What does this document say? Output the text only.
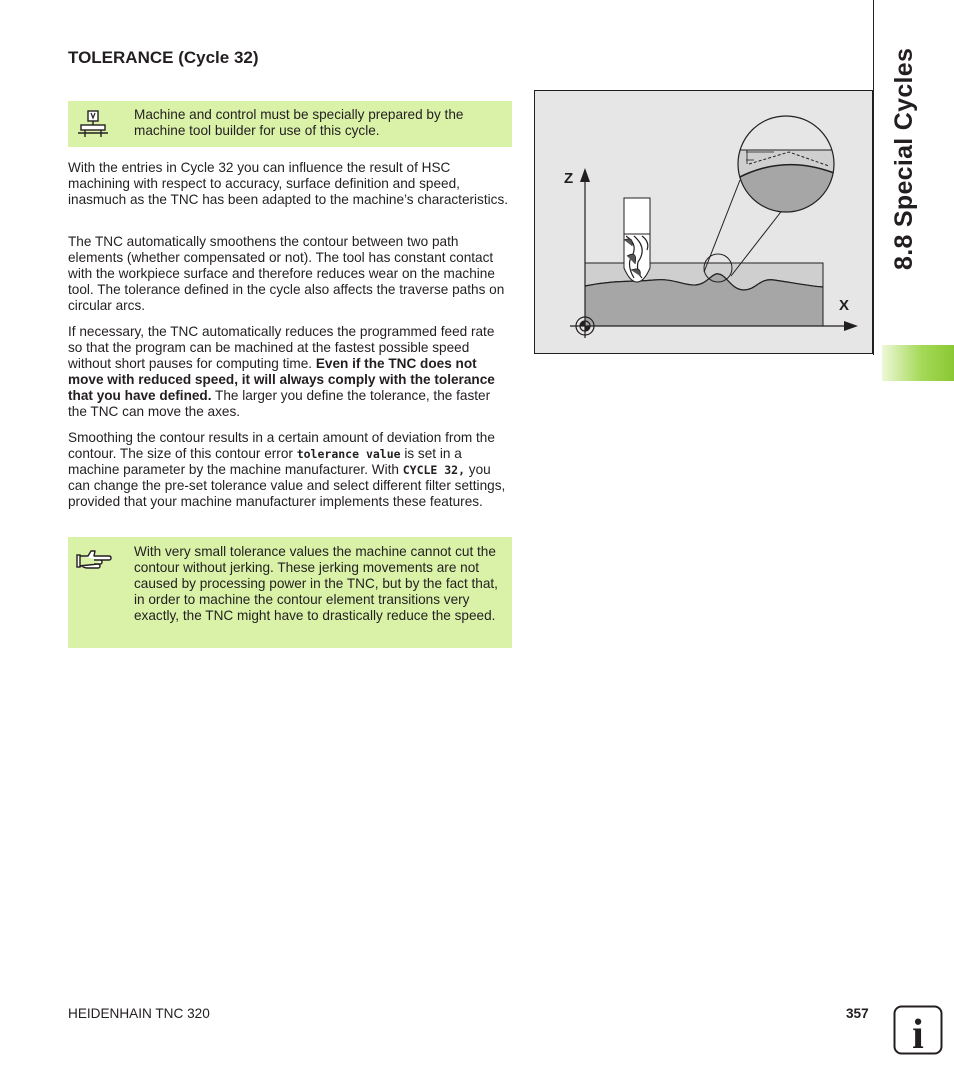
TOLERANCE (Cycle 32)
Machine and control must be specially prepared by the machine tool builder for use of this cycle.
With the entries in Cycle 32 you can influence the result of HSC machining with respect to accuracy, surface definition and speed, inasmuch as the TNC has been adapted to the machine’s characteristics.
The TNC automatically smoothens the contour between two path elements (whether compensated or not). The tool has constant contact with the workpiece surface and therefore reduces wear on the machine tool. The tolerance defined in the cycle also affects the traverse paths on circular arcs.
If necessary, the TNC automatically reduces the programmed feed rate so that the program can be machined at the fastest possible speed without short pauses for computing time. Even if the TNC does not move with reduced speed, it will always comply with the tolerance that you have defined. The larger you define the tolerance, the faster the TNC can move the axes.
Smoothing the contour results in a certain amount of deviation from the contour. The size of this contour error tolerance value is set in a machine parameter by the machine manufacturer. With CYCLE 32, you can change the pre-set tolerance value and select different filter settings, provided that your machine manufacturer implements these features.
With very small tolerance values the machine cannot cut the contour without jerking. These jerking movements are not caused by processing power in the TNC, but by the fact that, in order to machine the contour element transitions very exactly, the TNC might have to drastically reduce the speed.
Z
X
8.8 Special Cycles
HEIDENHAIN TNC 320	357 i
